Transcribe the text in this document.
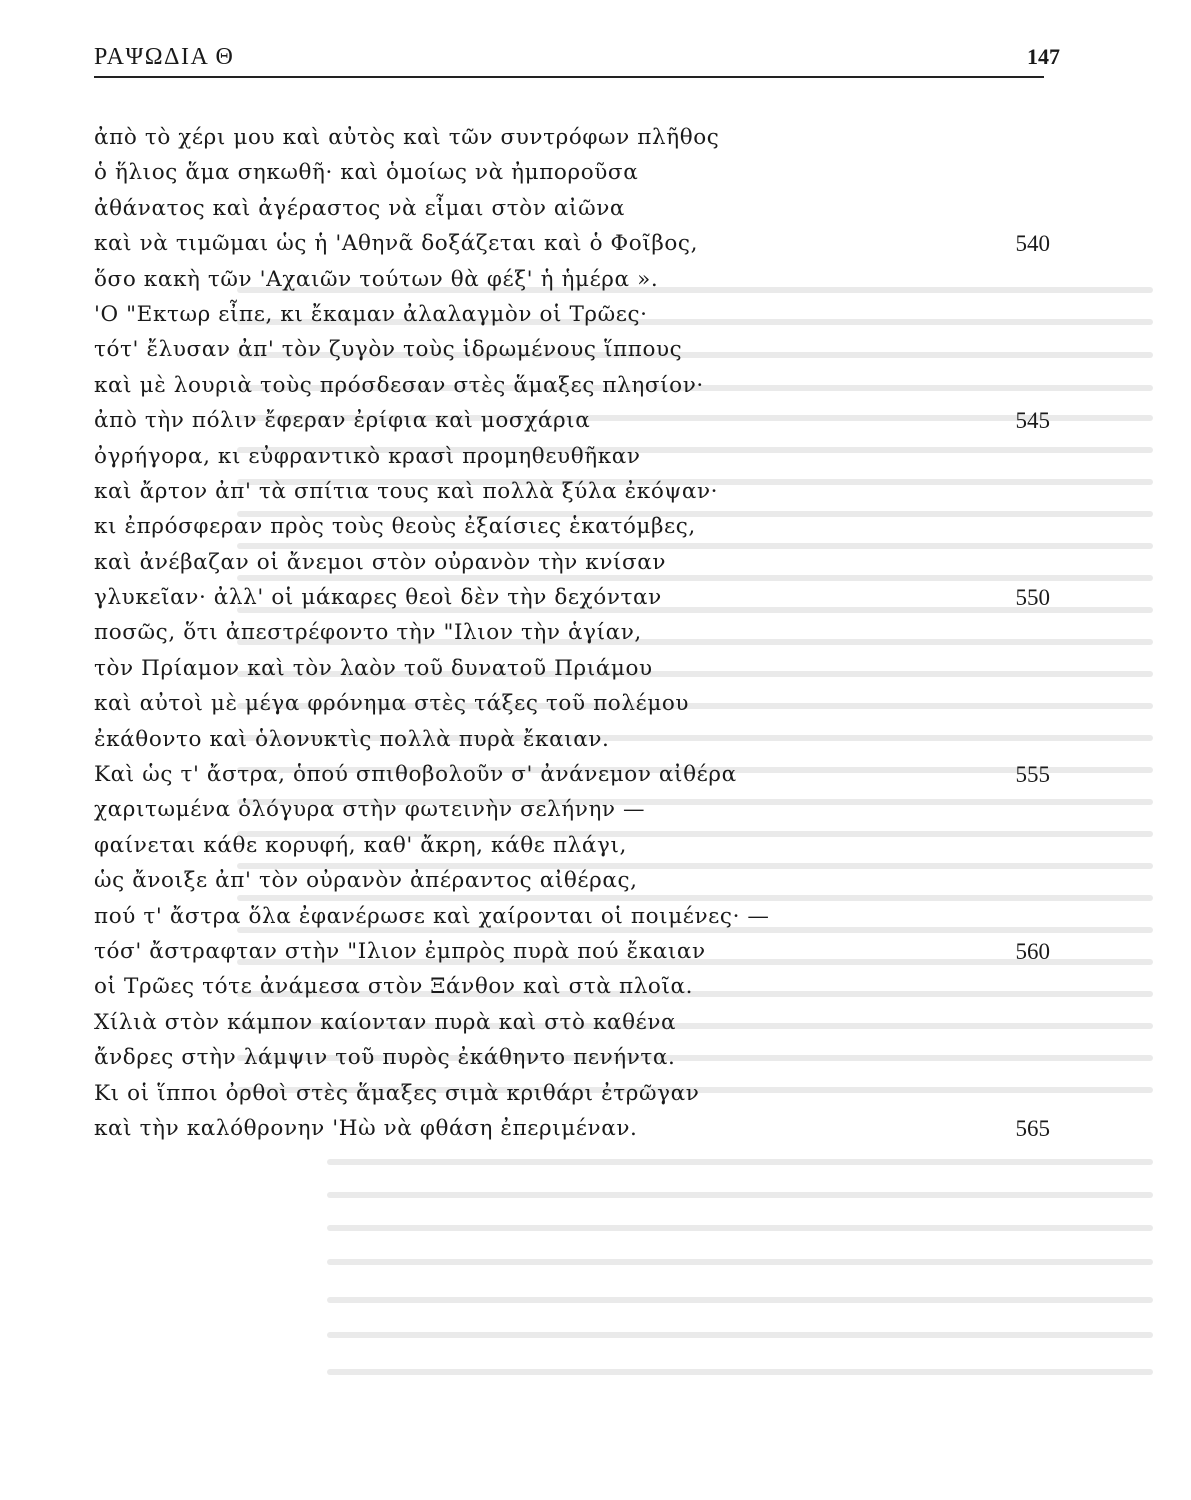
ΡΑΨΩΔΙΑ Θ	147
ἀπὸ τὸ χέρι μου καὶ αὐτὸς καὶ τῶν συντρόφων πλῆθος
ὁ ἥλιος ἅμα σηκωθῆ· καὶ ὁμοίως νὰ ἠμποροῦσα
ἀθάνατος καὶ ἀγέραστος νὰ εἶμαι στὸν αἰῶνα
καὶ νὰ τιμῶμαι ὡς ἡ 'Αθηνᾶ δοξάζεται καὶ ὁ Φοῖβος,	540
ὅσο κακὴ τῶν 'Αχαιῶν τούτων θὰ φέξ' ἡ ἡμέρα ».
'Ο "Εκτωρ εἶπε, κι ἔκαμαν ἀλαλαγμὸν οἱ Τρῶες·
τότ' ἔλυσαν ἀπ' τὸν ζυγὸν τοὺς ἱδρωμένους ἵππους
καὶ μὲ λουριὰ τοὺς πρόσδεσαν στὲς ἅμαξες πλησίον·
ἀπὸ τὴν πόλιν ἔφεραν ἐρίφια καὶ μοσχάρια	545
ὀγρήγορα, κι εὐφραντικὸ κρασὶ προμηθευθῆκαν
καὶ ἄρτον ἀπ' τὰ σπίτια τους καὶ πολλὰ ξύλα ἐκόψαν·
κι ἐπρόσφεραν πρὸς τοὺς θεοὺς ἐξαίσιες ἑκατόμβες,
καὶ ἀνέβαζαν οἱ ἄνεμοι στὸν οὐρανὸν τὴν κνίσαν
γλυκεῖαν· ἀλλ' οἱ μάκαρες θεοὶ δὲν τὴν δεχόνταν	550
ποσῶς, ὅτι ἀπεστρέφοντο τὴν "Ιλιον τὴν ἁγίαν,
τὸν Πρίαμον καὶ τὸν λαὸν τοῦ δυνατοῦ Πριάμου
καὶ αὐτοὶ μὲ μέγα φρόνημα στὲς τάξες τοῦ πολέμου
ἐκάθοντο καὶ ὁλονυκτὶς πολλὰ πυρὰ ἔκαιαν.
Καὶ ὡς τ' ἄστρα, ὁπού σπιθοβολοῦν σ' ἀνάνεμον αἰθέρα	555
χαριτωμένα ὁλόγυρα στὴν φωτεινὴν σελήνην —
φαίνεται κάθε κορυφή, καθ' ἄκρη, κάθε πλάγι,
ὡς ἄνοιξε ἀπ' τὸν οὐρανὸν ἀπέραντος αἰθέρας,
πού τ' ἄστρα ὅλα ἐφανέρωσε καὶ χαίρονται οἱ ποιμένες· —
τόσ' ἄστραφταν στὴν "Ιλιον ἐμπρὸς πυρὰ πού ἔκαιαν	560
οἱ Τρῶες τότε ἀνάμεσα στὸν Ξάνθον καὶ στὰ πλοῖα.
Χίλιὰ στὸν κάμπον καίονταν πυρὰ καὶ στὸ καθένα
ἄνδρες στὴν λάμψιν τοῦ πυρὸς ἐκάθηντο πενήντα.
Κι οἱ ἵπποι ὀρθοὶ στὲς ἅμαξες σιμὰ κριθάρι ἐτρῶγαν
καὶ τὴν καλόθρονην 'Ηὼ νὰ φθάση ἐπεριμέναν.	565
